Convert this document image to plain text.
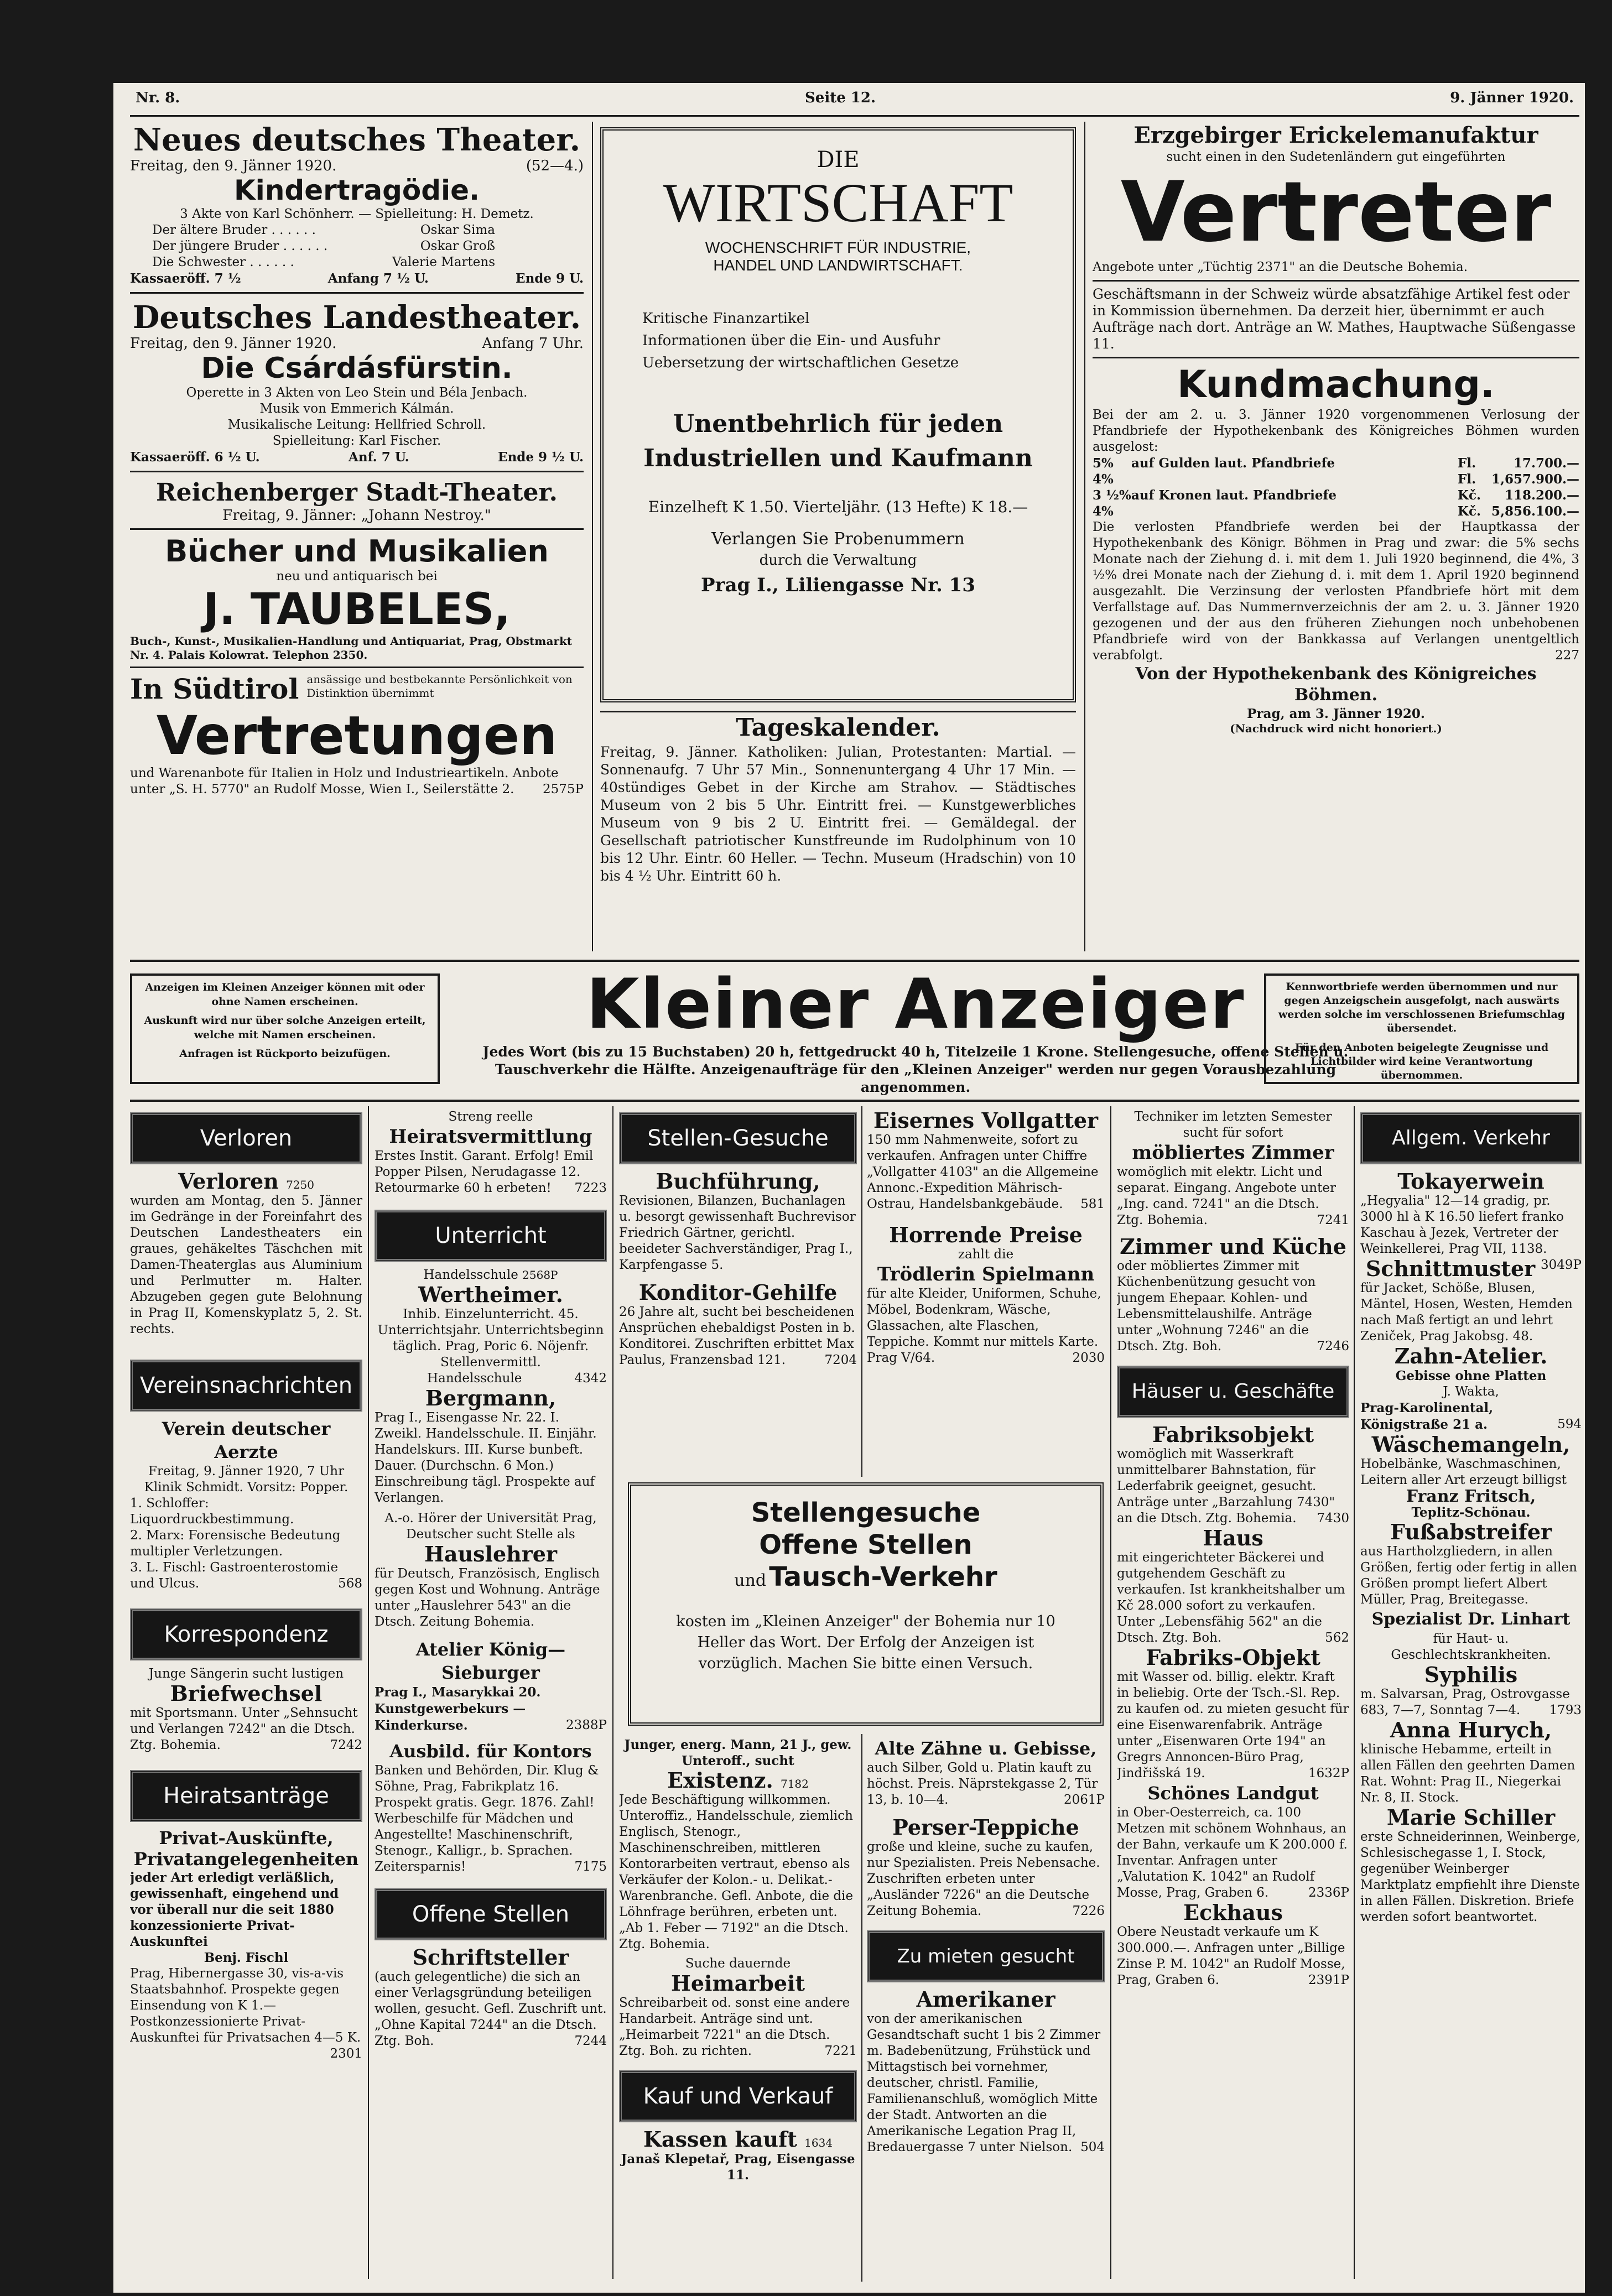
Nr. 8.	Seite 12.	9. Jänner 1920.

Neues deutsches Theater.

Freitag, den 9. Jänner 1920.	(52—4.)

Kindertragödie.

3 Akte von Karl Schönherr. — Spielleitung: H. Demetz.

Der ältere Bruder . . . . . .	Oskar Sima

Der jüngere Bruder . . . . . .	Oskar Groß

Die Schwester . . . . . .	Valerie Martens

Kassaeröff. 7 ½	Anfang 7 ½ U.	Ende 9 U.

Deutsches Landestheater.

Freitag, den 9. Jänner 1920.	Anfang 7 Uhr.

Die Csárdásfürstin.

Operette in 3 Akten von Leo Stein und Béla Jenbach.

Musik von Emmerich Kálmán.

Musikalische Leitung: Hellfried Schroll.

Spielleitung: Karl Fischer.

Kassaeröff. 6 ½ U.	Anf. 7 U.	Ende 9 ½ U.

Reichenberger Stadt-Theater.

Freitag, 9. Jänner: „Johann Nestroy."

Bücher und Musikalien

neu und antiquarisch bei

J. TAUBELES,

Buch-, Kunst-, Musikalien-Handlung und Antiquariat, Prag, Obstmarkt Nr. 4. Palais Kolowrat. Telephon 2350.

In Südtirol ansässige und bestbekannte Persönlichkeit von Distinktion übernimmt

Vertretungen

und Warenanbote für Italien in Holz und Industrieartikeln. Anbote unter „S. H. 5770" an Rudolf Mosse, Wien I., Seilerstätte 2. 2575P

DIE

WIRTSCHAFT

WOCHENSCHRIFT FÜR INDUSTRIE,

HANDEL UND LANDWIRTSCHAFT.

Kritische Finanzartikel

Informationen über die Ein- und Ausfuhr

Uebersetzung der wirtschaftlichen Gesetze

Unentbehrlich für jeden Industriellen und Kaufmann

Einzelheft K 1.50. Vierteljähr. (13 Hefte) K 18.—

Verlangen Sie Probenummern

durch die Verwaltung

Prag I., Liliengasse Nr. 13

Tageskalender.

Freitag, 9. Jänner. Katholiken: Julian, Protestanten: Martial. — Sonnenaufg. 7 Uhr 57 Min., Sonnenuntergang 4 Uhr 17 Min. — 40stündiges Gebet in der Kirche am Strahov. — Städtisches Museum von 2 bis 5 Uhr. Eintritt frei. — Kunstgewerbliches Museum von 9 bis 2 U. Eintritt frei. — Gemäldegal. der Gesellschaft patriotischer Kunstfreunde im Rudolphinum von 10 bis 12 Uhr. Eintr. 60 Heller. — Techn. Museum (Hradschin) von 10 bis 4 ½ Uhr. Eintritt 60 h.

Erzgebirger Erickelemanufaktur

sucht einen in den Sudetenländern gut eingeführten

Vertreter

Angebote unter „Tüchtig 2371" an die Deutsche Bohemia.

Geschäftsmann in der Schweiz würde absatzfähige Artikel fest oder in Kommission übernehmen. Da derzeit hier, übernimmt er auch Aufträge nach dort. Anträge an W. Mathes, Hauptwache Süßengasse 11.

Kundmachung.

Bei der am 2. u. 3. Jänner 1920 vorgenommenen Verlosung der Pfandbriefe der Hypothekenbank des Königreiches Böhmen wurden ausgelost:

5%	auf Gulden laut. Pfandbriefe	Fl.	17.700.—

4%	Fl.	1,657.900.—

3 ½% auf Kronen laut. Pfandbriefe	Kč.	118.200.—

4%	Kč. 5,856.100.—

Die verlosten Pfandbriefe werden bei der Hauptkassa der Hypothekenbank des Königr. Böhmen in Prag und zwar: die 5% sechs Monate nach der Ziehung d. i. mit dem 1. Juli 1920 beginnend, die 4%, 3 ½% drei Monate nach der Ziehung d. i. mit dem 1. April 1920 beginnend ausgezahlt. Die Verzinsung der verlosten Pfandbriefe hört mit dem Verfallstage auf. Das Nummernverzeichnis der am 2. u. 3. Jänner 1920 gezogenen und der aus den früheren Ziehungen noch unbehobenen Pfandbriefe wird von der Bankkassa auf Verlangen unentgeltlich verabfolgt.	227

Von der Hypothekenbank des Königreiches Böhmen.

Prag, am 3. Jänner 1920.

(Nachdruck wird nicht honoriert.)

Anzeigen im Kleinen Anzeiger können mit oder ohne Namen erscheinen.

Auskunft wird nur über solche Anzeigen erteilt, welche mit Namen erscheinen.

Anfragen ist Rückporto beizufügen.

Kleiner Anzeiger

Jedes Wort (bis zu 15 Buchstaben) 20 h, fettgedruckt 40 h, Titelzeile 1 Krone. Stellengesuche, offene Stellen u. Tauschverkehr die Hälfte. Anzeigenaufträge für den „Kleinen Anzeiger" werden nur gegen Vorausbezahlung angenommen.

Kennwortbriefe werden übernommen und nur gegen Anzeigschein ausgefolgt, nach auswärts werden solche im verschlossenen Briefumschlag übersendet.

Für den Anboten beigelegte Zeugnisse und Lichtbilder wird keine Verantwortung übernommen.

Verloren

Verloren 7250

wurden am Montag, den 5. Jänner im Gedränge in der Foreinfahrt des Deutschen Landestheaters ein graues, gehäkeltes Täschchen mit Damen-Theaterglas aus Aluminium und Perlmutter m. Halter. Abzugeben gegen gute Belohnung in Prag II, Komenskyplatz 5, 2. St. rechts.

Vereinsnachrichten

Verein deutscher Aerzte

Freitag, 9. Jänner 1920, 7 Uhr Klinik Schmidt. Vorsitz: Popper.

1. Schloffer: Liquordruckbestimmung.

2. Marx: Forensische Bedeutung multipler Verletzungen.

3. L. Fischl: Gastroenterostomie und Ulcus.	568

Korrespondenz

Junge Sängerin sucht lustigen

Briefwechsel

mit Sportsmann. Unter „Sehnsucht und Verlangen 7242" an die Dtsch. Ztg. Bohemia.	7242

Heiratsanträge

Privat-Auskünfte, Privatangelegenheiten

jeder Art erledigt verläßlich, gewissenhaft, eingehend und vor überall nur die seit 1880 konzessionierte Privat-Auskunftei

Benj. Fischl

Prag, Hibernergasse 30, vis-a-vis Staatsbahnhof. Prospekte gegen Einsendung von K 1.— Postkonzessionierte Privat-Auskunftei für Privatsachen 4—5 K.
2301

Streng reelle

Heiratsvermittlung

Erstes Instit. Garant. Erfolg! Emil Popper Pilsen, Nerudagasse 12. Retourmarke 60 h erbeten! 7223

Unterricht

Handelsschule 2568P

Wertheimer.

Inhib. Einzelunterricht. 45. Unterrichtsjahr. Unterrichtsbeginn täglich. Prag, Poric 6. Nöjenfr. Stellenvermittl.

Handelsschule	4342

Bergmann,

Prag I., Eisengasse Nr. 22. I. Zweikl. Handelsschule. II. Einjähr. Handelskurs. III. Kurse bunbeft. Dauer. (Durchschn. 6 Mon.) Einschreibung tägl. Prospekte auf Verlangen.

A.-o. Hörer der Universität Prag, Deutscher sucht Stelle als

Hauslehrer

für Deutsch, Französisch, Englisch gegen Kost und Wohnung. Anträge unter „Hauslehrer 543" an die Dtsch. Zeitung Bohemia.

Atelier König—Sieburger

Prag I., Masarykkai 20. Kunstgewerbekurs — Kinderkurse.	2388P

Ausbild. für Kontors

Banken und Behörden, Dir. Klug & Söhne, Prag, Fabrikplatz 16. Prospekt gratis. Gegr. 1876. Zahl! Werbeschilfe für Mädchen und Angestellte! Maschinenschrift, Stenogr., Kalligr., b. Sprachen. Zeitersparnis!	7175

Offene Stellen

Schriftsteller

(auch gelegentliche) die sich an einer Verlagsgründung beteiligen wollen, gesucht. Gefl. Zuschrift unt. „Ohne Kapital 7244" an die Dtsch. Ztg. Boh.	7244

Stellen-Gesuche

Buchführung,

Revisionen, Bilanzen, Buchanlagen u. besorgt gewissenhaft Buchrevisor Friedrich Gärtner, gerichtl. beeideter Sachverständiger, Prag I., Karpfengasse 5.

Konditor-Gehilfe

26 Jahre alt, sucht bei bescheidenen Ansprüchen ehebaldigst Posten in b. Konditorei. Zuschriften erbittet Max Paulus, Franzensbad 121.	7204

Eisernes Vollgatter

150 mm Nahmenweite, sofort zu verkaufen. Anfragen unter Chiffre „Vollgatter 4103" an die Allgemeine Annonc.-Expedition Mährisch-Ostrau, Handelsbankgebäude. 581

Horrende Preise

zahlt die

Trödlerin Spielmann

für alte Kleider, Uniformen, Schuhe, Möbel, Bodenkram, Wäsche, Glassachen, alte Flaschen, Teppiche. Kommt nur mittels Karte. Prag V/64.	2030

Stellengesuche

Offene Stellen

und Tausch-Verkehr

kosten im „Kleinen Anzeiger" der Bohemia nur 10 Heller das Wort. Der Erfolg der Anzeigen ist vorzüglich. Machen Sie bitte einen Versuch.

Junger, energ. Mann, 21 J., gew. Unteroff., sucht

Existenz. 7182

Jede Beschäftigung willkommen. Unteroffiz., Handelsschule, ziemlich Englisch, Stenogr., Maschinenschreiben, mittleren Kontorarbeiten vertraut, ebenso als Verkäufer der Kolon.- u. Delikat.-Warenbranche. Gefl. Anbote, die die Löhnfrage berühren, erbeten unt. „Ab 1. Feber — 7192" an die Dtsch. Ztg. Bohemia.

Suche dauernde

Heimarbeit

Schreibarbeit od. sonst eine andere Handarbeit. Anträge sind unt. „Heimarbeit 7221" an die Dtsch. Ztg. Boh. zu richten.	7221

Kauf und Verkauf

Kassen kauft 1634

Janaš Klepetař, Prag, Eisengasse 11.

Alte Zähne u. Gebisse,

auch Silber, Gold u. Platin kauft zu höchst. Preis. Näprstekgasse 2, Tür 13, b. 10—4.	2061P

Perser-Teppiche

große und kleine, suche zu kaufen, nur Spezialisten. Preis Nebensache. Zuschriften erbeten unter „Ausländer 7226" an die Deutsche Zeitung Bohemia.	7226

Zu mieten gesucht

Amerikaner

von der amerikanischen Gesandtschaft sucht 1 bis 2 Zimmer m. Badebenützung, Frühstück und Mittagstisch bei vornehmer, deutscher, christl. Familie, Familienanschluß, womöglich Mitte der Stadt. Antworten an die Amerikanische Legation Prag II, Bredauergasse 7 unter Nielson. 504

Techniker im letzten Semester sucht für sofort

möbliertes Zimmer

womöglich mit elektr. Licht und separat. Eingang. Angebote unter „Ing. cand. 7241" an die Dtsch. Ztg. Bohemia.	7241

Zimmer und Küche

oder möbliertes Zimmer mit Küchenbenützung gesucht von jungem Ehepaar. Kohlen- und Lebensmittelaushilfe. Anträge unter „Wohnung 7246" an die Dtsch. Ztg. Boh.	7246

Häuser u. Geschäfte

Fabriksobjekt

womöglich mit Wasserkraft unmittelbarer Bahnstation, für Lederfabrik geeignet, gesucht. Anträge unter „Barzahlung 7430" an die Dtsch. Ztg. Bohemia. 7430

Haus

mit eingerichteter Bäckerei und gutgehendem Geschäft zu verkaufen. Ist krankheitshalber um Kč 28.000 sofort zu verkaufen. Unter „Lebensfähig 562" an die Dtsch. Ztg. Boh.	562

Fabriks-Objekt

mit Wasser od. billig. elektr. Kraft in beliebig. Orte der Tsch.-Sl. Rep. zu kaufen od. zu mieten gesucht für eine Eisenwarenfabrik. Anträge unter „Eisenwaren Orte 194" an Gregrs Annoncen-Büro Prag, Jindřišská 19.	1632P

Schönes Landgut

in Ober-Oesterreich, ca. 100 Metzen mit schönem Wohnhaus, an der Bahn, verkaufe um K 200.000 f. Inventar. Anfragen unter „Valutation K. 1042" an Rudolf Mosse, Prag, Graben 6.	2336P

Eckhaus

Obere Neustadt verkaufe um K 300.000.—. Anfragen unter „Billige Zinse P. M. 1042" an Rudolf Mosse, Prag, Graben 6.	2391P

Allgem. Verkehr

Tokayerwein

„Hegyalia" 12—14 gradig, pr. 3000 hl à K 16.50 liefert franko Kaschau à Jezek, Vertreter der Weinkellerei, Prag VII, 1138.
3049P

Schnittmuster

für Jacket, Schöße, Blusen, Mäntel, Hosen, Westen, Hemden nach Maß fertigt an und lehrt Zeniček, Prag Jakobsg. 48.

Zahn-Atelier.

Gebisse ohne Platten

J. Wakta,

Prag-Karolinental, Königstraße 21 a.	594

Wäschemangeln,

Hobelbänke, Waschmaschinen, Leitern aller Art erzeugt billigst

Franz Fritsch,

Teplitz-Schönau.

Fußabstreifer

aus Hartholzgliedern, in allen Größen, fertig oder fertig in allen Größen prompt liefert Albert Müller, Prag, Breitegasse.

Spezialist Dr. Linhart

für Haut- u. Geschlechtskrankheiten.

Syphilis

m. Salvarsan, Prag, Ostrovgasse 683, 7—7, Sonntag 7—4. 1793

Anna Hurych,

klinische Hebamme, erteilt in allen Fällen den geehrten Damen Rat. Wohnt: Prag II., Niegerkai Nr. 8, II. Stock.

Marie Schiller

erste Schneiderinnen, Weinberge, Schlesischegasse 1, I. Stock, gegenüber Weinberger Marktplatz empfiehlt ihre Dienste in allen Fällen. Diskretion. Briefe werden sofort beantwortet.
